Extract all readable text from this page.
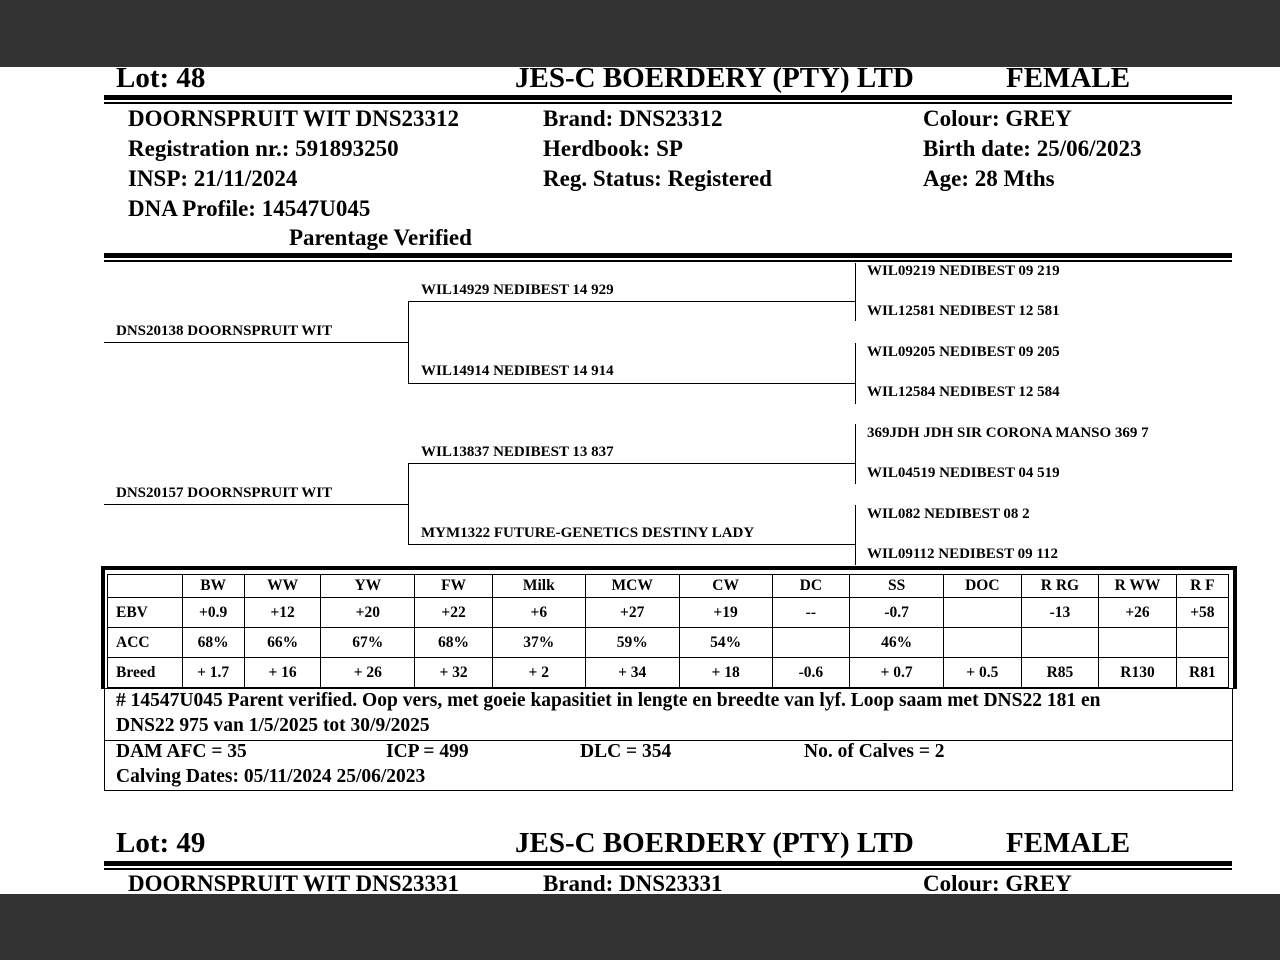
Lot: 48	JES-C BOERDERY (PTY) LTD	FEMALE
DOORNSPRUIT WIT DNS23312
Registration nr.: 591893250
INSP: 21/11/2024
DNA Profile: 14547U045
Parentage Verified
Brand: DNS23312
Herdbook: SP
Reg. Status: Registered
Colour: GREY
Birth date: 25/06/2023
Age: 28 Mths
DNS20138 DOORNSPRUIT WIT
WIL14929 NEDIBEST 14 929
WIL14914 NEDIBEST 14 914
DNS20157 DOORNSPRUIT WIT
WIL13837 NEDIBEST 13 837
MYM1322 FUTURE-GENETICS DESTINY LADY
WIL09219 NEDIBEST 09 219
WIL12581 NEDIBEST 12 581
WIL09205 NEDIBEST 09 205
WIL12584 NEDIBEST 12 584
369JDH JDH SIR CORONA MANSO 369 7
WIL04519 NEDIBEST 04 519
WIL082 NEDIBEST 08 2
WIL09112 NEDIBEST 09 112
	BW	WW	YW	FW	Milk	MCW	CW	DC	SS	DOC	R RG	R WW	R F
EBV	+0.9	+12	+20	+22	+6	+27	+19	--	-0.7		-13	+26	+58
ACC	68%	66%	67%	68%	37%	59%	54%		46%				
Breed	+ 1.7	+ 16	+ 26	+ 32	+ 2	+ 34	+ 18	-0.6	+ 0.7	+ 0.5	R85	R130	R81
# 14547U045 Parent verified. Oop vers, met goeie kapasitiet in lengte en breedte van lyf. Loop saam met DNS22 181 en
DNS22 975 van 1/5/2025 tot 30/9/2025
DAM AFC = 35	ICP = 499	DLC = 354	No. of Calves = 2
Calving Dates: 05/11/2024 25/06/2023
Lot: 49	JES-C BOERDERY (PTY) LTD	FEMALE
DOORNSPRUIT WIT DNS23331	Brand: DNS23331	Colour: GREY
